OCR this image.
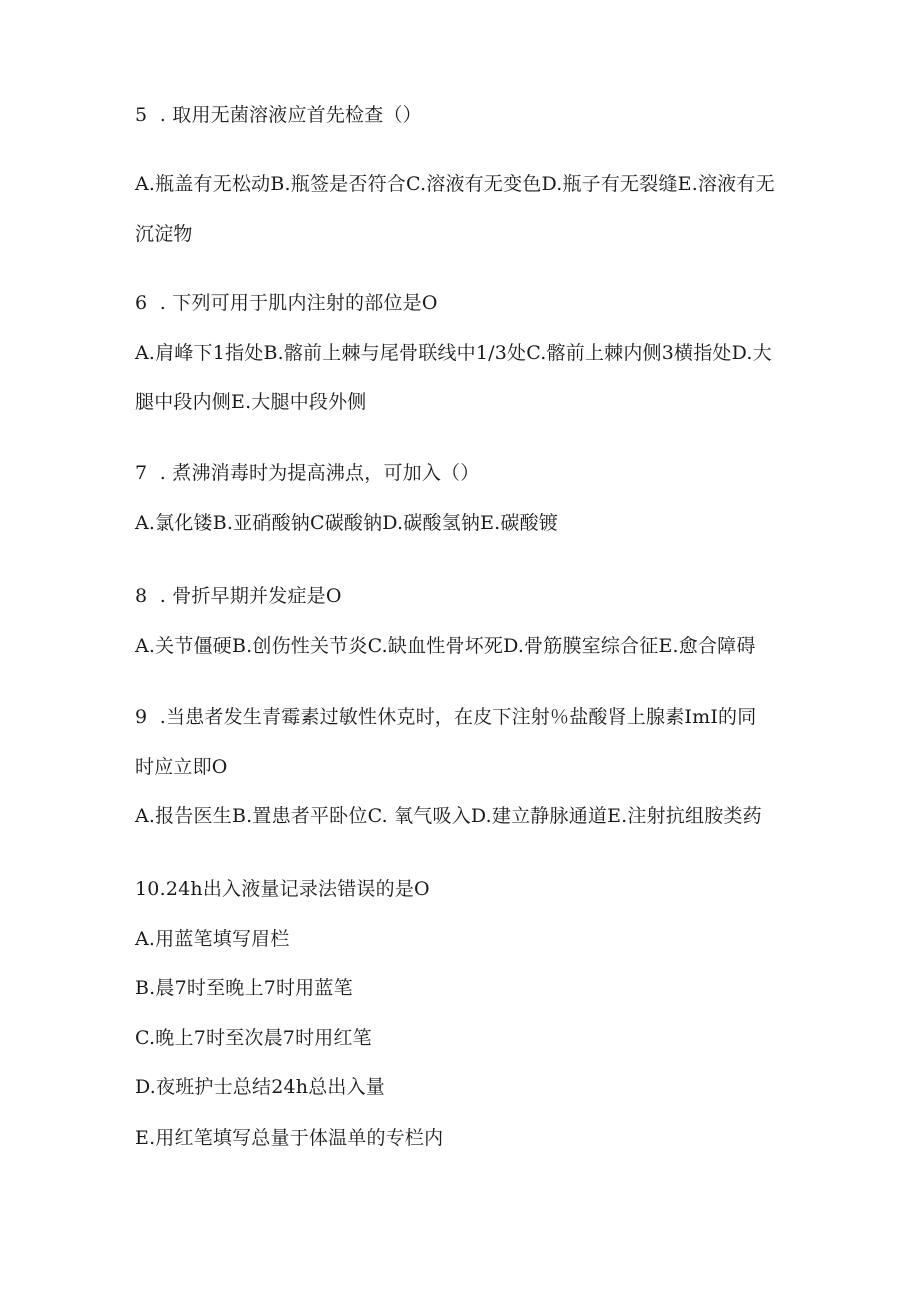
5  . 取用无菌溶液应首先检查（）
A.瓶盖有无松动B.瓶签是否符合C.溶液有无变色D.瓶子有无裂缝E.溶液有无
沉淀物
6  . 下列可用于肌内注射的部位是O
A.肩峰下1指处B.髂前上棘与尾骨联线中1/3处C.髂前上棘内侧3横指处D.大
腿中段内侧E.大腿中段外侧
7  . 煮沸消毒时为提高沸点，可加入（）
A.氯化镂B.亚硝酸钠C碳酸钠D.碳酸氢钠E.碳酸镀
8  . 骨折早期并发症是O
A.关节僵硬B.创伤性关节炎C.缺血性骨坏死D.骨筋膜室综合征E.愈合障碍
9  .当患者发生青霉素过敏性休克时，在皮下注射％盐酸肾上腺素ImI的同
时应立即O
A.报告医生B.置患者平卧位C. 氧气吸入D.建立静脉通道E.注射抗组胺类药
10.24h出入液量记录法错误的是O
A.用蓝笔填写眉栏
B.晨7时至晚上7时用蓝笔
C.晚上7时至次晨7时用红笔
D.夜班护士总结24h总出入量
E.用红笔填写总量于体温单的专栏内
